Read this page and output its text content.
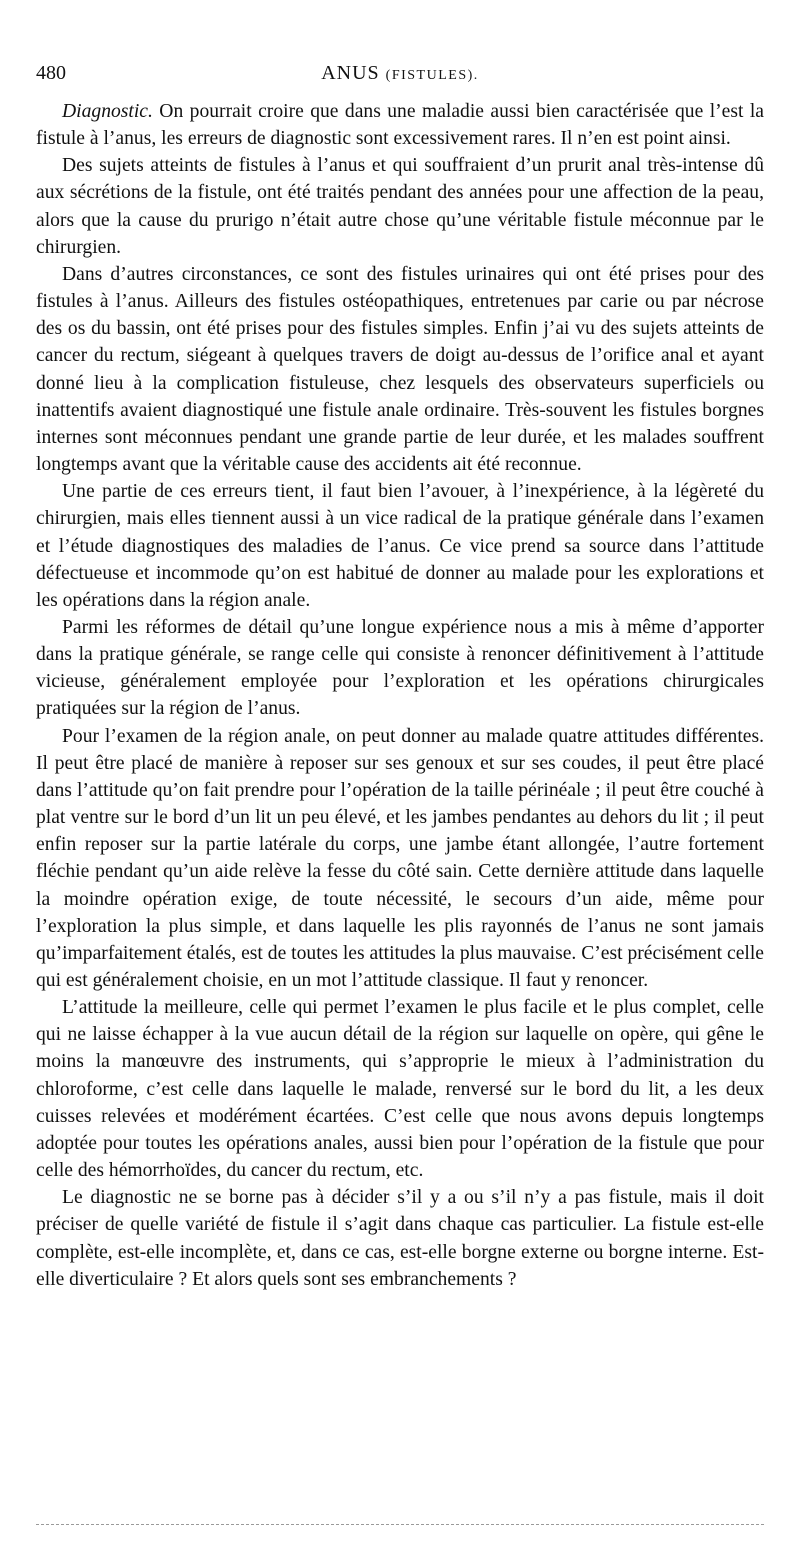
480	ANUS (FISTULES).

Diagnostic. On pourrait croire que dans une maladie aussi bien caractérisée que l’est la fistule à l’anus, les erreurs de diagnostic sont excessivement rares. Il n’en est point ainsi.

Des sujets atteints de fistules à l’anus et qui souffraient d’un prurit anal très-intense dû aux sécrétions de la fistule, ont été traités pendant des années pour une affection de la peau, alors que la cause du prurigo n’était autre chose qu’une véritable fistule méconnue par le chirurgien.

Dans d’autres circonstances, ce sont des fistules urinaires qui ont été prises pour des fistules à l’anus. Ailleurs des fistules ostéopathiques, entretenues par carie ou par nécrose des os du bassin, ont été prises pour des fistules simples. Enfin j’ai vu des sujets atteints de cancer du rectum, siégeant à quelques travers de doigt au-dessus de l’orifice anal et ayant donné lieu à la complication fistuleuse, chez lesquels des observateurs superficiels ou inattentifs avaient diagnostiqué une fistule anale ordinaire. Très-souvent les fistules borgnes internes sont méconnues pendant une grande partie de leur durée, et les malades souffrent longtemps avant que la véritable cause des accidents ait été reconnue.

Une partie de ces erreurs tient, il faut bien l’avouer, à l’inexpérience, à la légèreté du chirurgien, mais elles tiennent aussi à un vice radical de la pratique générale dans l’examen et l’étude diagnostiques des maladies de l’anus. Ce vice prend sa source dans l’attitude défectueuse et incommode qu’on est habitué de donner au malade pour les explorations et les opérations dans la région anale.

Parmi les réformes de détail qu’une longue expérience nous a mis à même d’apporter dans la pratique générale, se range celle qui consiste à renoncer définitivement à l’attitude vicieuse, généralement employée pour l’exploration et les opérations chirurgicales pratiquées sur la région de l’anus.

Pour l’examen de la région anale, on peut donner au malade quatre attitudes différentes. Il peut être placé de manière à reposer sur ses genoux et sur ses coudes, il peut être placé dans l’attitude qu’on fait prendre pour l’opération de la taille périnéale ; il peut être couché à plat ventre sur le bord d’un lit un peu élevé, et les jambes pendantes au dehors du lit ; il peut enfin reposer sur la partie latérale du corps, une jambe étant allongée, l’autre fortement fléchie pendant qu’un aide relève la fesse du côté sain. Cette dernière attitude dans laquelle la moindre opération exige, de toute nécessité, le secours d’un aide, même pour l’exploration la plus simple, et dans laquelle les plis rayonnés de l’anus ne sont jamais qu’imparfaitement étalés, est de toutes les attitudes la plus mauvaise. C’est précisément celle qui est généralement choisie, en un mot l’attitude classique. Il faut y renoncer.

L’attitude la meilleure, celle qui permet l’examen le plus facile et le plus complet, celle qui ne laisse échapper à la vue aucun détail de la région sur laquelle on opère, qui gêne le moins la manœuvre des instruments, qui s’approprie le mieux à l’administration du chloroforme, c’est celle dans laquelle le malade, renversé sur le bord du lit, a les deux cuisses relevées et modérément écartées. C’est celle que nous avons depuis longtemps adoptée pour toutes les opérations anales, aussi bien pour l’opération de la fistule que pour celle des hémorrhoïdes, du cancer du rectum, etc.

Le diagnostic ne se borne pas à décider s’il y a ou s’il n’y a pas fistule, mais il doit préciser de quelle variété de fistule il s’agit dans chaque cas particulier. La fistule est-elle complète, est-elle incomplète, et, dans ce cas, est-elle borgne externe ou borgne interne. Est-elle diverticulaire ? Et alors quels sont ses embranchements ?
